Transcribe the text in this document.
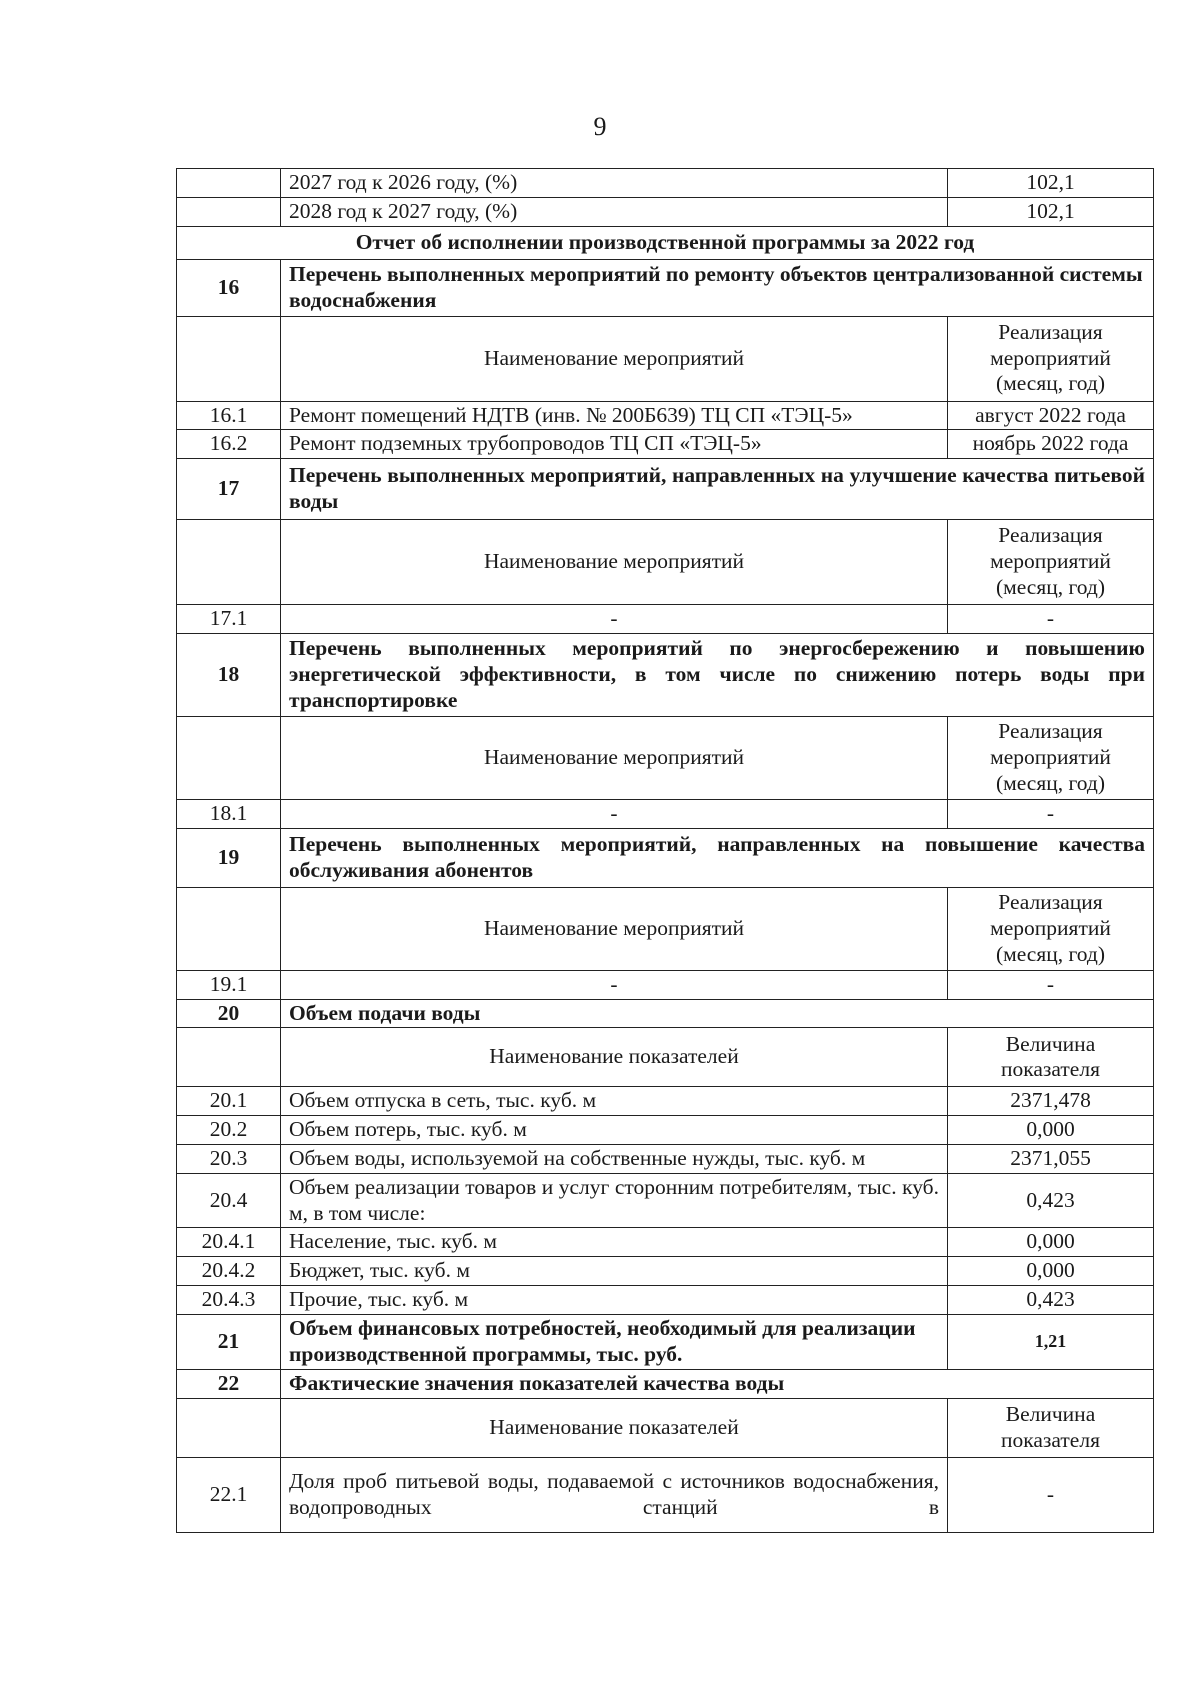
9
	2027 год к 2026 году, (%)	102,1
	2028 год к 2027 году, (%)	102,1
Отчет об исполнении производственной программы за 2022 год		
16	Перечень выполненных мероприятий по ремонту объектов централизованной системы водоснабжения	
	Наименование мероприятий	Реализация мероприятий (месяц, год)
16.1	Ремонт помещений НДТВ (инв. № 200Б639) ТЦ СП «ТЭЦ-5»	август 2022 года
16.2	Ремонт подземных трубопроводов ТЦ СП «ТЭЦ-5»	ноябрь 2022 года
17	Перечень выполненных мероприятий, направленных на улучшение качества питьевой воды	
	Наименование мероприятий	Реализация мероприятий (месяц, год)
17.1	-	-
18	Перечень выполненных мероприятий по энергосбережению и повышению энергетической эффективности, в том числе по снижению потерь воды при транспортировке	
	Наименование мероприятий	Реализация мероприятий (месяц, год)
18.1	-	-
19	Перечень выполненных мероприятий, направленных на повышение качества обслуживания абонентов	
	Наименование мероприятий	Реализация мероприятий (месяц, год)
19.1	-	-
20	Объем подачи воды	
	Наименование показателей	Величина показателя
20.1	Объем отпуска в сеть, тыс. куб. м	2371,478
20.2	Объем потерь, тыс. куб. м	0,000
20.3	Объем воды, используемой на собственные нужды, тыс. куб. м	2371,055
20.4	Объем реализации товаров и услуг сторонним потребителям, тыс. куб. м, в том числе:	0,423
20.4.1	Население, тыс. куб. м	0,000
20.4.2	Бюджет, тыс. куб. м	0,000
20.4.3	Прочие, тыс. куб. м	0,423
21	Объем финансовых потребностей, необходимый для реализации производственной программы, тыс. руб.	1,21
22	Фактические значения показателей качества воды	
	Наименование показателей	Величина показателя
22.1	Доля проб питьевой воды, подаваемой с источников водоснабжения, водопроводных станций в	-
